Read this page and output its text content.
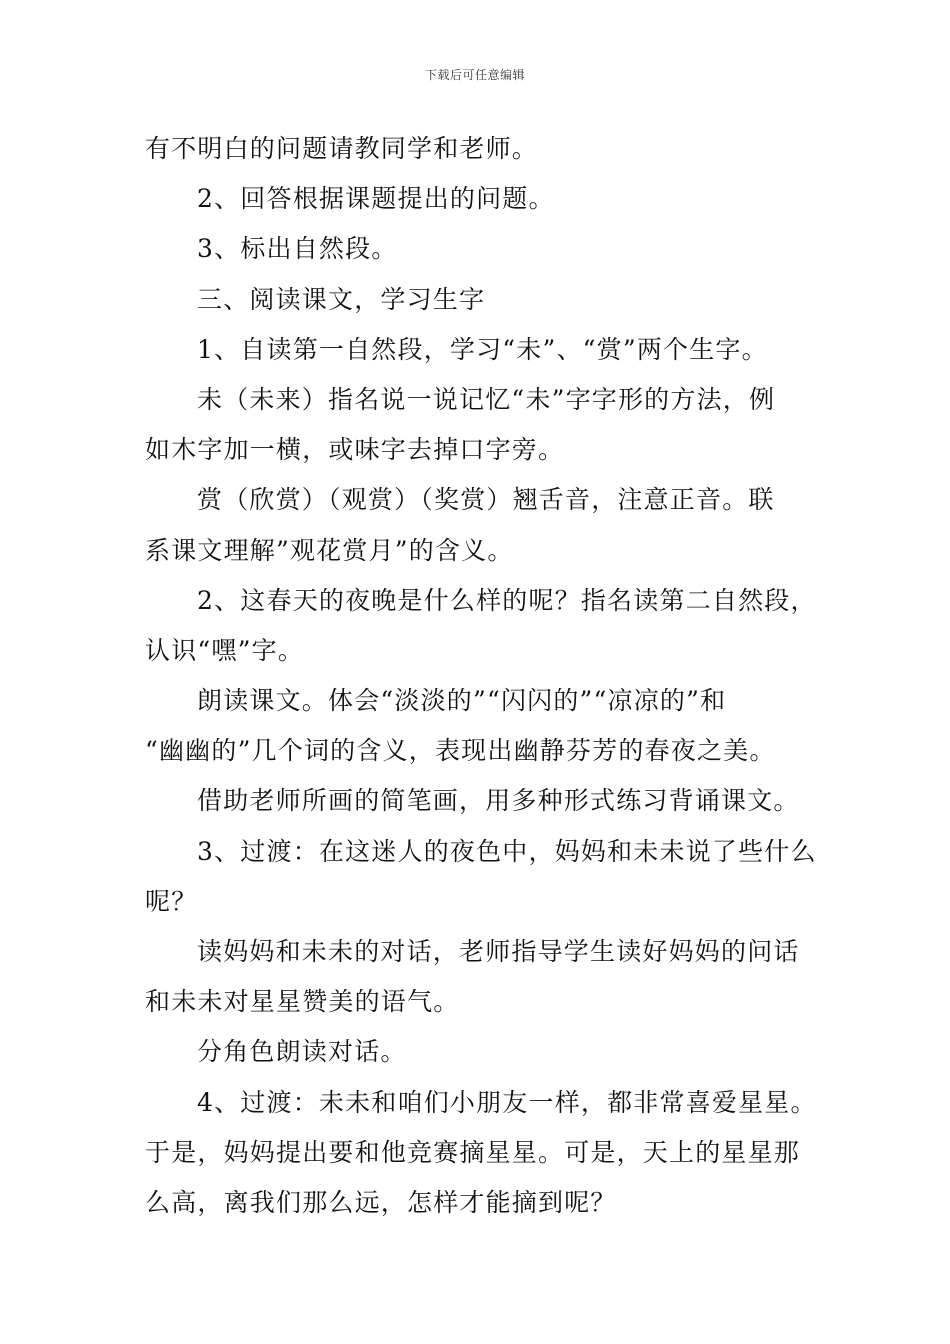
下载后可任意编辑
有不明白的问题请教同学和老师。
2、回答根据课题提出的问题。
3、标出自然段。
三、阅读课文，学习生字
1、自读第一自然段，学习“未”、“赏”两个生字。
未（未来）指名说一说记忆“未”字字形的方法，例
如木字加一横，或味字去掉口字旁。
赏（欣赏）（观赏）（奖赏）翘舌音，注意正音。联
系课文理解”观花赏月”的含义。
2、这春天的夜晚是什么样的呢？指名读第二自然段，
认识“嘿”字。
朗读课文。体会“淡淡的”“闪闪的”“凉凉的”和
“幽幽的”几个词的含义，表现出幽静芬芳的春夜之美。
借助老师所画的简笔画，用多种形式练习背诵课文。
3、过渡：在这迷人的夜色中，妈妈和未未说了些什么
呢？
读妈妈和未未的对话，老师指导学生读好妈妈的问话
和未未对星星赞美的语气。
分角色朗读对话。
4、过渡：未未和咱们小朋友一样，都非常喜爱星星。
于是，妈妈提出要和他竞赛摘星星。可是，天上的星星那
么高，离我们那么远，怎样才能摘到呢？
